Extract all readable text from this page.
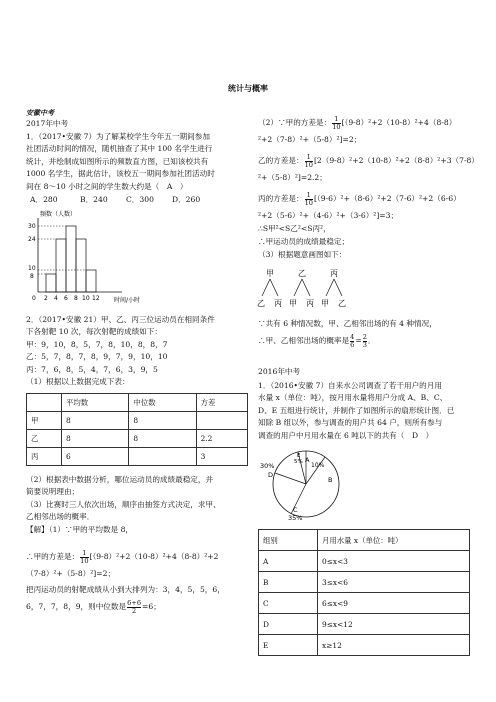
统计与概率
安徽中考
2017年中考
1．（2017•安徽 7）为了解某校学生今年五一期间参加
社团活动时间的情况，随机抽查了其中 100 名学生进行
统计，并绘制成如图所示的频数直方图，已知该校共有
1000 名学生，据此估计，该校五一期间参加社团活动时
间在 8～10 小时之间的学生数大约是（　A　）
A．280	B．240 C．300 D．260
频数（人数）
30
24
10
8
0 2 4 6 8 10 12 时间/小时
2．（2017•安徽 21）甲、乙、丙三位运动员在相同条件
下各射靶 10 次，每次射靶的成绩如下：
甲：9，10，8，5，7，8，10，8，8，7
乙：5，7，8，7，8，9，7，9，10，10
丙：7，6，8，5，4，7，6，3，9，5
（1）根据以上数据完成下表：
	平均数	中位数	方差
甲	8	8	
乙	8	8	2.2
丙	6		3
（2）根据表中数据分析，哪位运动员的成绩最稳定，并
简要说明理由；
（3）比赛时三人依次出场，顺序由抽签方式决定，求甲、
乙相邻出场的概率．
【解】（1）∵甲的平均数是 8，
∴甲的方差是： $\frac{1}{10} [(9-8)^2+2(10-8)^2+4(8-8)^2+2$
（7-8）²+（5-8）²]=2；
把丙运动员的射靶成绩从小到大排列为：3，4，5，5，6，
6，7，7，8，9，则中位数是 $\frac{6+6}{2} =6$；
（2）∵甲的方差是： $\frac{1}{10} [(9-8)^2+2(10-8)^2+4(8-8)$
²+2（7-8）²+（5-8）²]=2；
乙的方差是： $\frac{1}{10} [2(9-8)^2+2(10-8)^2+2(8-8)^2+3(7-8)$
²+（5-8）²]=2.2；
丙的方差是： $\frac{1}{10} [(9-6)^2+(8-6)^2+2(7-6)^2+2(6-6)$
²+2（5-6）²+（4-6）²+（3-6）²]=3；
∴S甲²<S乙²<S丙²，
∴甲运动员的成绩最稳定；
（3）根据题意画图如下：
甲	乙	丙
乙 丙 甲 丙 甲 乙
∵共有 6 种情况数，甲、乙相邻出场的有 4 种情况，
∴甲、乙相邻出场的概率是 $\frac{4}{6} = \frac{2}{3}$ ．
2016年中考
1．（2016•安徽 7）自来水公司调查了若干用户的月用
水量 x（单位：吨），按月用水量将用户分成 A、B、C、
D、E 五组进行统计，并制作了如图所示的扇形统计图．已
知除 B 组以外，参与调查的用户共 64 户，则所有参与
调查的用户中月用水量在 6 吨以下的共有（　D　）
A
10%
B
30%
D
C
35%
E
5%
组别	月用水量 x（单位：吨）
A	0≤x<3
B	3≤x<6
C	6≤x<9
D	9≤x<12
E	x≥12
